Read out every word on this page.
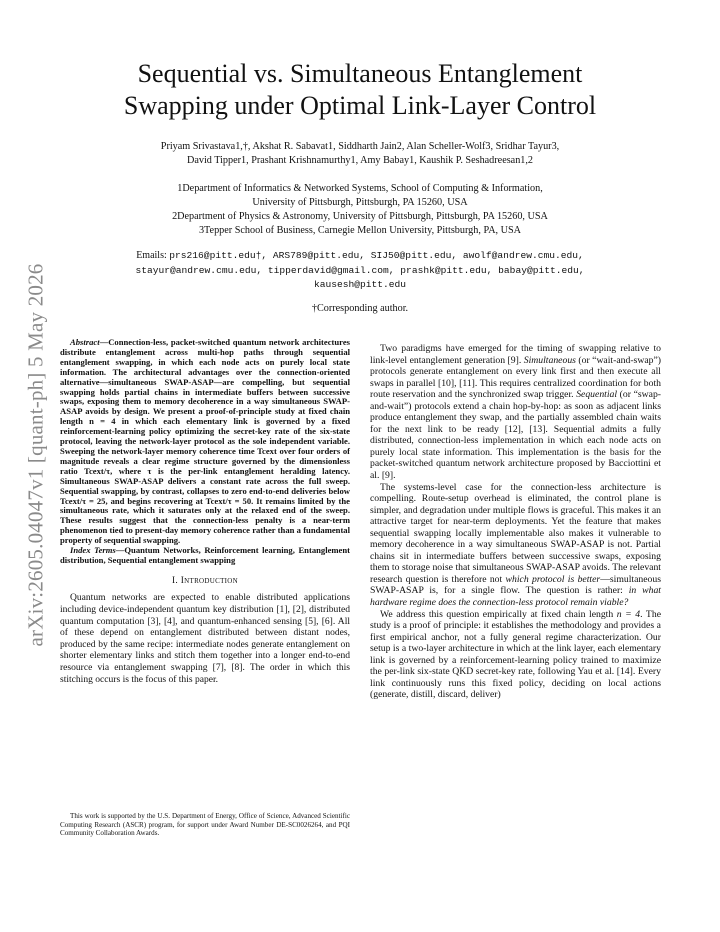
arXiv:2605.04047v1 [quant-ph] 5 May 2026
Sequential vs. Simultaneous Entanglement
Swapping under Optimal Link-Layer Control
Priyam Srivastava1,†, Akshat R. Sabavat1, Siddharth Jain2, Alan Scheller-Wolf3, Sridhar Tayur3,
David Tipper1, Prashant Krishnamurthy1, Amy Babay1, Kaushik P. Seshadreesan1,2
1Department of Informatics & Networked Systems, School of Computing & Information,
University of Pittsburgh, Pittsburgh, PA 15260, USA
2Department of Physics & Astronomy, University of Pittsburgh, Pittsburgh, PA 15260, USA
3Tepper School of Business, Carnegie Mellon University, Pittsburgh, PA, USA
Emails: prs216@pitt.edu†, ARS789@pitt.edu, SIJ50@pitt.edu, awolf@andrew.cmu.edu,
stayur@andrew.cmu.edu, tipperdavid@gmail.com, prashk@pitt.edu, babay@pitt.edu,
kausesh@pitt.edu
†Corresponding author.
Abstract—Connection-less, packet-switched quantum network architectures distribute entanglement across multi-hop paths through sequential entanglement swapping, in which each node acts on purely local state information. The architectural advantages over the connection-oriented alternative—simultaneous SWAP-ASAP—are compelling, but sequential swapping holds partial chains in intermediate buffers between successive swaps, exposing them to memory decoherence in a way simultaneous SWAP-ASAP avoids by design. We present a proof-of-principle study at fixed chain length n = 4 in which each elementary link is governed by a fixed reinforcement-learning policy optimizing the secret-key rate of the six-state protocol, leaving the network-layer protocol as the sole independent variable. Sweeping the network-layer memory coherence time Tcext over four orders of magnitude reveals a clear regime structure governed by the dimensionless ratio Tcext/τ, where τ is the per-link entanglement heralding latency. Simultaneous SWAP-ASAP delivers a constant rate across the full sweep. Sequential swapping, by contrast, collapses to zero end-to-end deliveries below Tcext/τ = 25, and begins recovering at Tcext/τ = 50. It remains limited by the simultaneous rate, which it saturates only at the relaxed end of the sweep. These results suggest that the connection-less penalty is a near-term phenomenon tied to present-day memory coherence rather than a fundamental property of sequential swapping.
Index Terms—Quantum Networks, Reinforcement learning, Entanglement distribution, Sequential entanglement swapping
I. Introduction

Quantum networks are expected to enable distributed applications including device-independent quantum key distribution [1], [2], distributed quantum computation [3], [4], and quantum-enhanced sensing [5], [6]. All of these depend on entanglement distributed between distant nodes, produced by the same recipe: intermediate nodes generate entanglement on shorter elementary links and stitch them together into a longer end-to-end resource via entanglement swapping [7], [8]. The order in which this stitching occurs is the focus of this paper.

This work is supported by the U.S. Department of Energy, Office of Science, Advanced Scientific Computing Research (ASCR) program, for support under Award Number DE-SC0026264, and PQI Community Collaboration Awards.

Two paradigms have emerged for the timing of swapping relative to link-level entanglement generation [9]. Simultaneous (or “wait-and-swap”) protocols generate entanglement on every link first and then execute all swaps in parallel [10], [11]. This requires centralized coordination for both route reservation and the synchronized swap trigger. Sequential (or “swap-and-wait”) protocols extend a chain hop-by-hop: as soon as adjacent links produce entanglement they swap, and the partially assembled chain waits for the next link to be ready [12], [13]. Sequential admits a fully distributed, connection-less implementation in which each node acts on purely local state information. This implementation is the basis for the packet-switched quantum network architecture proposed by Bacciottini et al. [9].

The systems-level case for the connection-less architecture is compelling. Route-setup overhead is eliminated, the control plane is simpler, and degradation under multiple flows is graceful. This makes it an attractive target for near-term deployments. Yet the feature that makes sequential swapping locally implementable also makes it vulnerable to memory decoherence in a way simultaneous SWAP-ASAP is not. Partial chains sit in intermediate buffers between successive swaps, exposing them to storage noise that simultaneous SWAP-ASAP avoids. The relevant research question is therefore not which protocol is better—simultaneous SWAP-ASAP is, for a single flow. The question is rather: in what hardware regime does the connection-less protocol remain viable?

We address this question empirically at fixed chain length n = 4. The study is a proof of principle: it establishes the methodology and provides a first empirical anchor, not a fully general regime characterization. Our setup is a two-layer architecture in which at the link layer, each elementary link is governed by a reinforcement-learning policy trained to maximize the per-link six-state QKD secret-key rate, following Yau et al. [14]. Every link continuously runs this fixed policy, deciding on local actions (generate, distill, discard, deliver)
